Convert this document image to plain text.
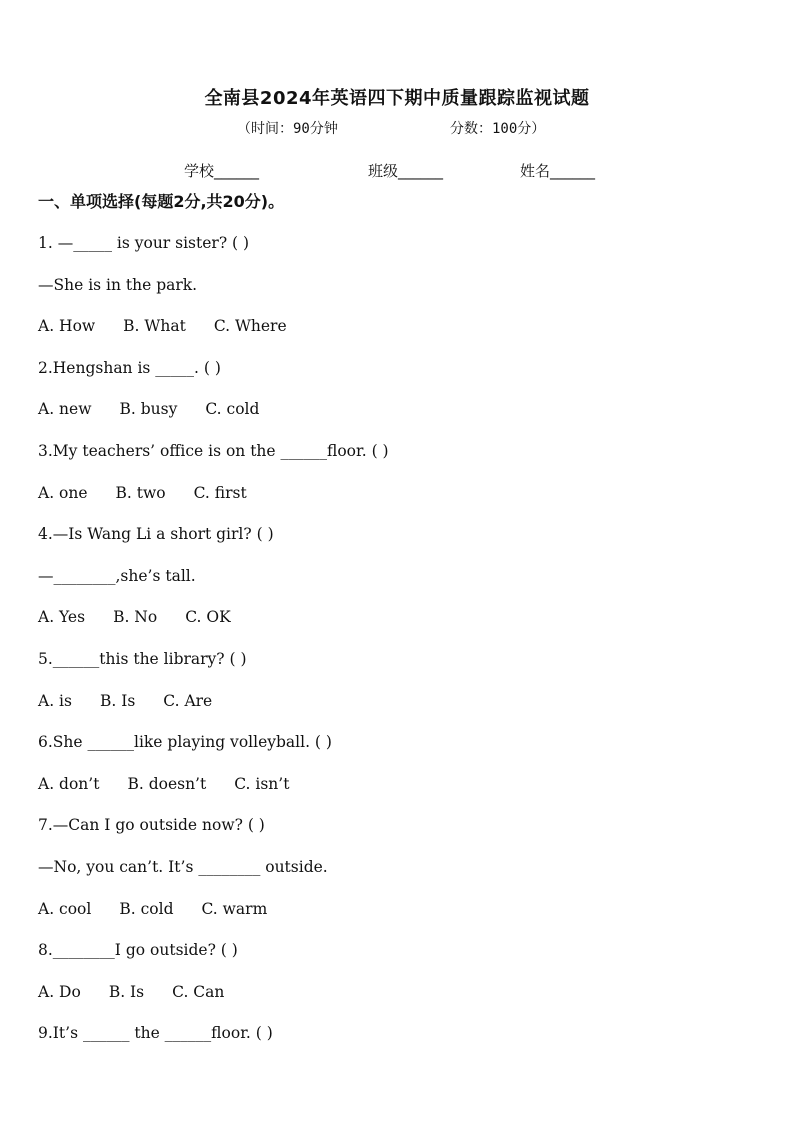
全南县2024年英语四下期中质量跟踪监视试题
（时间：90分钟	分数：100分）
学校______	班级______	姓名______
一、单项选择(每题2分,共20分)。
1. —_____ is your sister? ( )
—She is in the park.
A. How B. What C. Where
2.Hengshan is _____. ( )
A. new B. busy C. cold
3.My teachers’ office is on the ______floor. ( )
A. one B. two C. first
4.—Is Wang Li a short girl? ( )
—________,she’s tall.
A. Yes B. No C. OK
5.______this the library? ( )
A. is B. Is C. Are
6.She ______like playing volleyball. ( )
A. don’t B. doesn’t C. isn’t
7.—Can I go outside now? ( )
—No, you can’t. It’s ________ outside.
A. cool B. cold C. warm
8.________I go outside? ( )
A. Do B. Is C. Can
9.It’s ______ the ______floor. ( )
